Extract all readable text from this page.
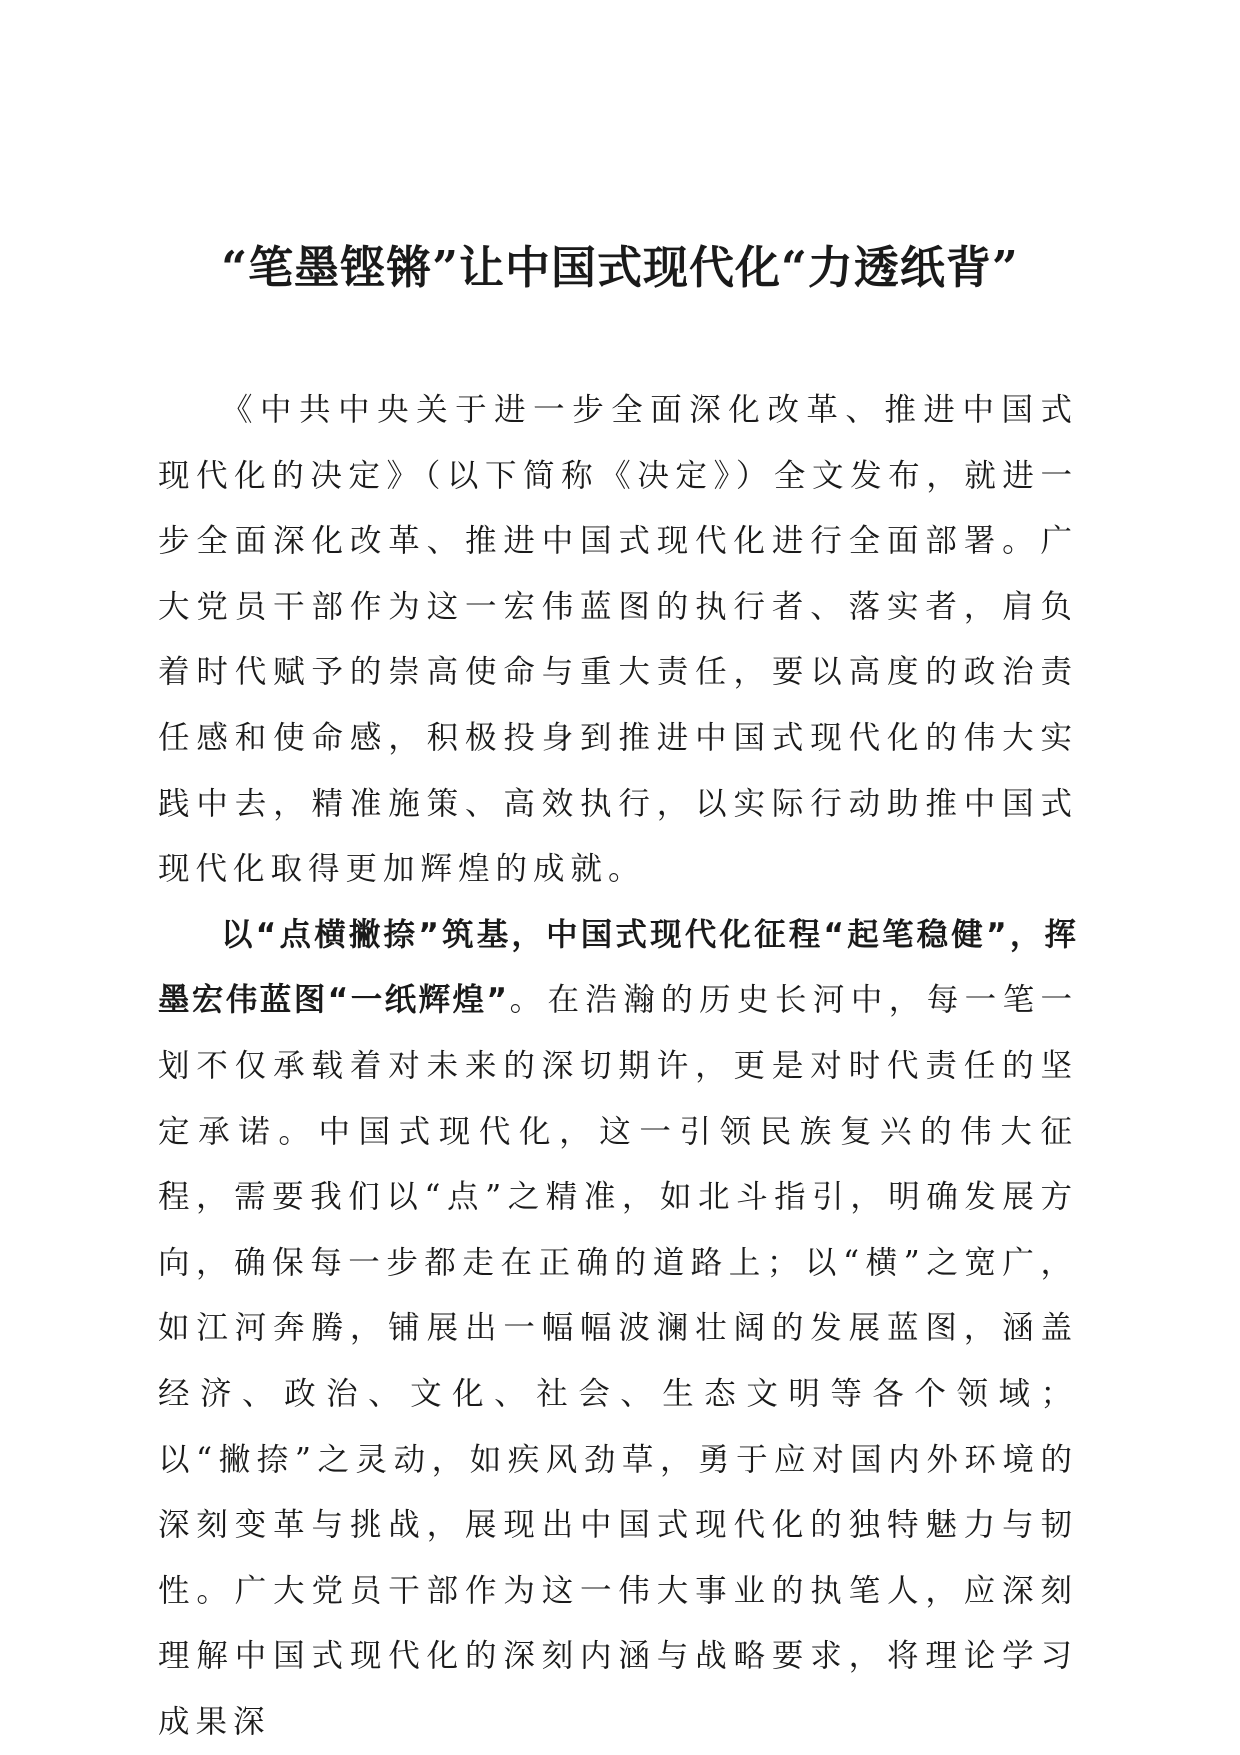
“笔墨铿锵”让中国式现代化“力透纸背”

《中共中央关于进一步全面深化改革、推进中国式现代化的决定》（以下简称《决定》）全文发布，就进一步全面深化改革、推进中国式现代化进行全面部署。广大党员干部作为这一宏伟蓝图的执行者、落实者，肩负着时代赋予的崇高使命与重大责任，要以高度的政治责任感和使命感，积极投身到推进中国式现代化的伟大实践中去，精准施策、高效执行，以实际行动助推中国式现代化取得更加辉煌的成就。

以“点横撇捺”筑基，中国式现代化征程“起笔稳健”，挥墨宏伟蓝图“一纸辉煌”。在浩瀚的历史长河中，每一笔一划不仅承载着对未来的深切期许，更是对时代责任的坚定承诺。中国式现代化，这一引领民族复兴的伟大征程，需要我们以“点”之精准，如北斗指引，明确发展方向，确保每一步都走在正确的道路上；以“横”之宽广，如江河奔腾，铺展出一幅幅波澜壮阔的发展蓝图，涵盖经济、政治、文化、社会、生态文明等各个领域；以“撇捺”之灵动，如疾风劲草，勇于应对国内外环境的深刻变革与挑战，展现出中国式现代化的独特魅力与韧性。广大党员干部作为这一伟大事业的执笔人，应深刻理解中国式现代化的深刻内涵与战略要求，将理论学习成果深
